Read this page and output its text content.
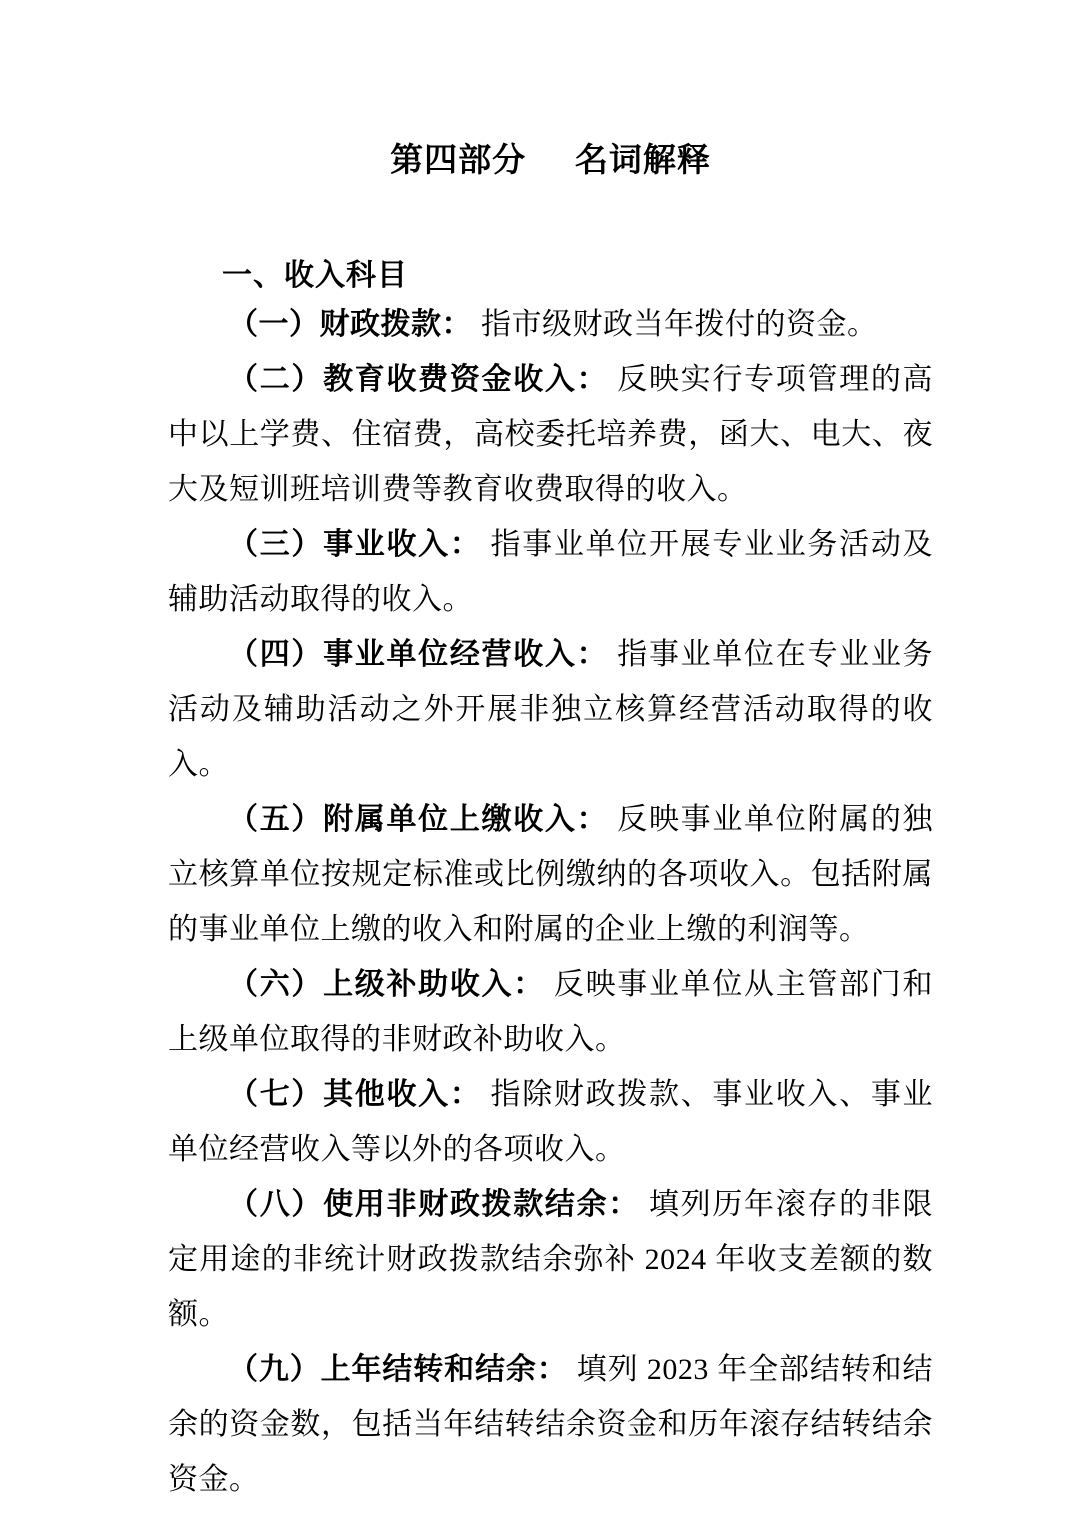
第四部分 名词解释
一、收入科目

（一）财政拨款： 指市级财政当年拨付的资金。

（二）教育收费资金收入： 反映实行专项管理的高中以上学费、住宿费，高校委托培养费，函大、电大、夜大及短训班培训费等教育收费取得的收入。

（三）事业收入： 指事业单位开展专业业务活动及辅助活动取得的收入。

（四）事业单位经营收入： 指事业单位在专业业务活动及辅助活动之外开展非独立核算经营活动取得的收入。

（五）附属单位上缴收入： 反映事业单位附属的独立核算单位按规定标准或比例缴纳的各项收入。包括附属的事业单位上缴的收入和附属的企业上缴的利润等。

（六）上级补助收入： 反映事业单位从主管部门和上级单位取得的非财政补助收入。

（七）其他收入： 指除财政拨款、事业收入、事业单位经营收入等以外的各项收入。

（八）使用非财政拨款结余： 填列历年滚存的非限定用途的非统计财政拨款结余弥补 2024 年收支差额的数额。

（九）上年结转和结余： 填列 2023 年全部结转和结余的资金数，包括当年结转结余资金和历年滚存结转结余资金。
